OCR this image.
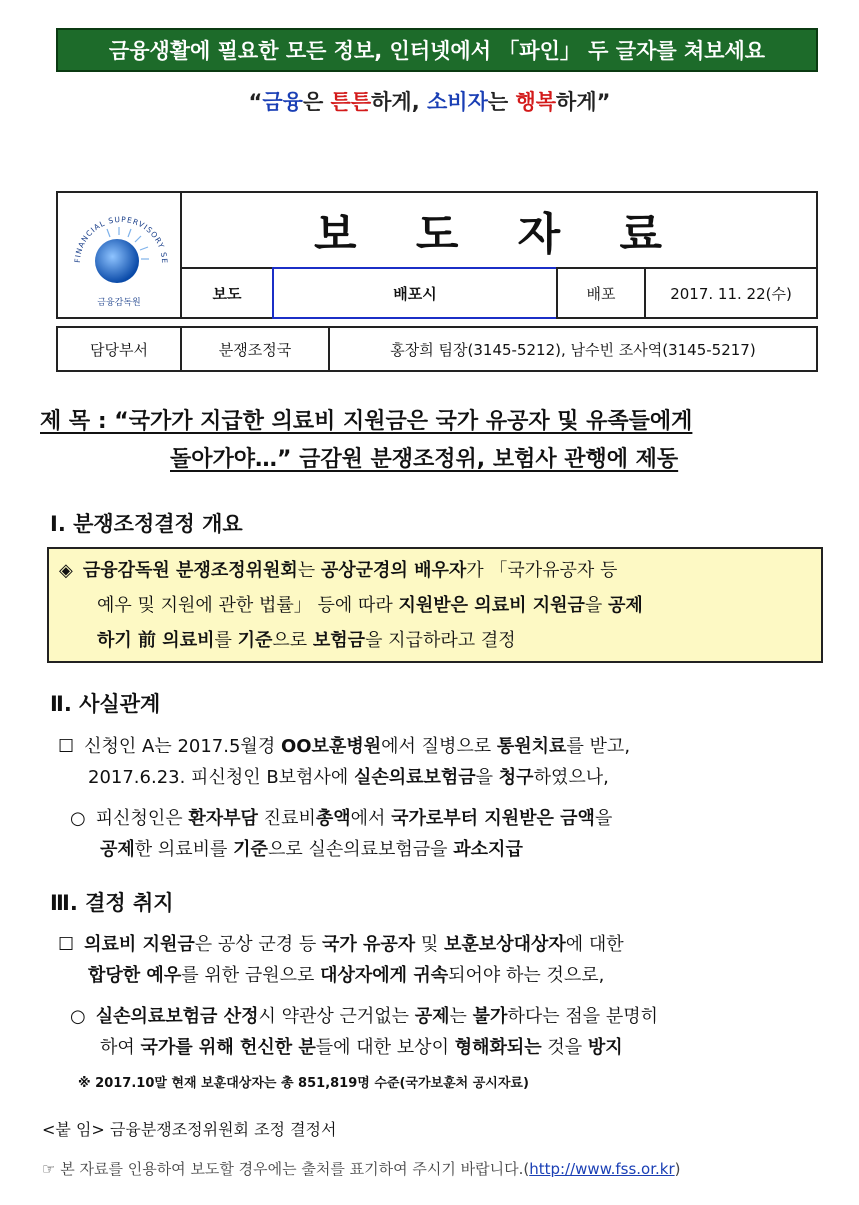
금융생활에 필요한 모든 정보, 인터넷에서 「파인」 두 글자를 쳐보세요
“금융은 튼튼하게, 소비자는 행복하게”
FINANCIAL SUPERVISORY SE
금융감독원
보 도 자 료
보도	배포시	배포	2017. 11. 22(수)
담당부서	분쟁조정국	홍장희 팀장(3145-5212), 남수빈 조사역(3145-5217)
제 목 : “국가가 지급한 의료비 지원금은 국가 유공자 및 유족들에게
돌아가야…” 금감원 분쟁조정위, 보험사 관행에 제동
Ⅰ. 분쟁조정결정 개요
◈ 금융감독원 분쟁조정위원회는 공상군경의 배우자가 「국가유공자 등
예우 및 지원에 관한 법률」 등에 따라 지원받은 의료비 지원금을 공제
하기 前 의료비를 기준으로 보험금을 지급하라고 결정
Ⅱ. 사실관계
☐ 신청인 A는 2017.5월경 OO보훈병원에서 질병으로 통원치료를 받고,
2017.6.23. 피신청인 B보험사에 실손의료보험금을 청구하였으나,
○ 피신청인은 환자부담 진료비총액에서 국가로부터 지원받은 금액을
공제한 의료비를 기준으로 실손의료보험금을 과소지급
Ⅲ. 결정 취지
☐ 의료비 지원금은 공상 군경 등 국가 유공자 및 보훈보상대상자에 대한
합당한 예우를 위한 금원으로 대상자에게 귀속되어야 하는 것으로,
○ 실손의료보험금 산정시 약관상 근거없는 공제는 불가하다는 점을 분명히
하여 국가를 위해 헌신한 분들에 대한 보상이 형해화되는 것을 방지
※ 2017.10말 현재 보훈대상자는 총 851,819명 수준(국가보훈처 공시자료)
<붙 임> 금융분쟁조정위원회 조정 결정서
☞ 본 자료를 인용하여 보도할 경우에는 출처를 표기하여 주시기 바랍니다.(http://www.fss.or.kr)
